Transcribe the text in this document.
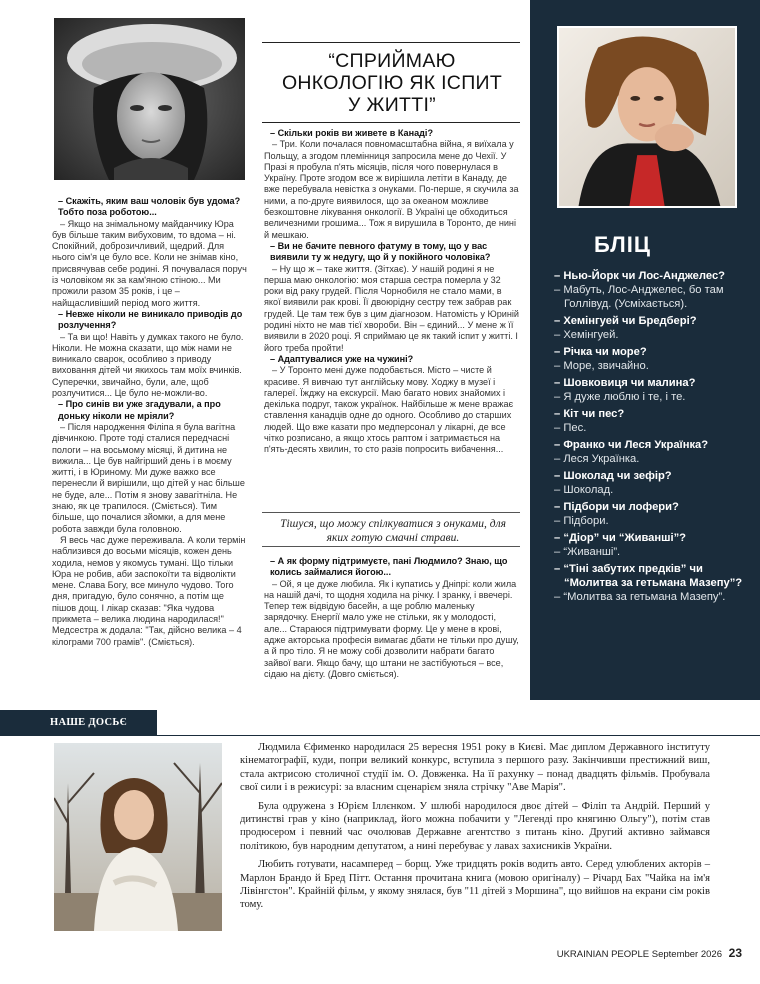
“СПРИЙМАЮ
ОНКОЛОГІЮ ЯК ІСПИТ
У ЖИТТІ”

– Скажіть, яким ваш чоловік був удома? Тобто поза роботою...

– Якщо на знімальному майданчику Юра був більше таким вибуховим, то вдома – ні. Спокійний, доброзичливий, щедрий. Для нього сім'я це було все. Коли не знімав кіно, присвячував себе родині. Я почувалася поруч із чоловіком як за кам'яною стіною... Ми прожили разом 35 років, і це – найщасливіший період мого життя.

– Невже ніколи не виникало приводів до розлучення?

– Та ви що! Навіть у думках такого не було. Ніколи. Не можна сказати, що між нами не виникало сварок, особливо з приводу виховання дітей чи якихось там моїх вчинків. Суперечки, звичайно, були, але, щоб розлучитися... Це було не-можли-во.

– Про синів ви уже згадували, а про доньку ніколи не мріяли?

– Після народження Філіпа я була вагітна дівчинкою. Проте тоді сталися передчасні пологи – на восьмому місяці, й дитина не вижила... Це був найгірший день і в моєму житті, і в Юриному. Ми дуже важко все перенесли й вирішили, що дітей у нас більше не буде, але... Потім я знову завагітніла. Не знаю, як це трапилося. (Сміється). Тим більше, що почалися зйомки, а для мене робота завжди була головною.

Я весь час дуже переживала. А коли термін наблизився до восьми місяців, кожен день ходила, немов у якомусь тумані. Що тільки Юра не робив, аби заспокоїти та відволікти мене. Слава Богу, все минуло чудово. Того дня, пригадую, було сонячно, а потім ще пішов дощ. І лікар сказав: "Яка чудова прикмета – велика людина народилася!" Медсестра ж додала: "Так, дійсно велика – 4 кілограми 700 грамів". (Сміється).

– Скільки років ви живете в Канаді?

– Три. Коли почалася повномасштабна війна, я виїхала у Польщу, а згодом племінниця запросила мене до Чехії. У Празі я пробула п'ять місяців, після чого повернулася в Україну. Проте згодом все ж вирішила летіти в Канаду, де вже перебувала невістка з онуками. По-перше, я скучила за ними, а по-друге виявилося, що за океаном можливе безкоштовне лікування онкології. В Україні це обходиться величезними грошима... Тож я вирушила в Торонто, де нині й мешкаю.

– Ви не бачите певного фатуму в тому, що у вас виявили ту ж недугу, що й у покійного чоловіка?

– Ну що ж – таке життя. (Зітхає). У нашій родині я не перша маю онкологію: моя старша сестра померла у 32 роки від раку грудей. Після Чорнобиля не стало мами, в якої виявили рак крові. Її двоюрідну сестру теж забрав рак грудей. Це там теж був з цим діагнозом. Натомість у Юриній родині ніхто не мав тієї хвороби. Він – єдиний... У мене ж її виявили в 2020 році. Я сприймаю це як такий іспит у житті. І його треба пройти!

– Адаптувалися уже на чужині?

– У Торонто мені дуже подобається. Місто – чисте й красиве. Я вивчаю тут англійську мову. Ходжу в музеї і галереї. Їжджу на екскурсії. Маю багато нових знайомих і декілька подруг, також українок. Найбільше ж мене вражає ставлення канадців одне до одного. Особливо до старших людей. Що вже казати про медперсонал у лікарні, де все чітко розписано, а якщо хтось раптом і затримається на п'ять-десять хвилин, то сто разів попросить вибачення...

Тішуся, що можу спілкуватися з онуками, для яких готую смачні страви.

– А як форму підтримуєте, пані Людмило? Знаю, що колись займалися йогою...

– Ой, я це дуже любила. Як і купатись у Дніпрі: коли жила на нашій дачі, то щодня ходила на річку. І зранку, і ввечері. Тепер теж відвідую басейн, а ще роблю маленьку зарядочку. Енергії мало уже не стільки, як у молодості, але... Стараюся підтримувати форму. Це у мене в крові, адже акторська професія вимагає дбати не тільки про душу, а й про тіло. Я не можу собі дозволити набрати багато зайвої ваги. Якщо бачу, що штани не застібуються – все, сідаю на дієту. (Довго сміється).

БЛІЦ
– Нью-Йорк чи Лос-Анджелес?
– Мабуть, Лос-Анджелес, бо там Голлівуд. (Усміхається).
– Хемінгуей чи Бредбері?
– Хемінгуей.
– Річка чи море?
– Море, звичайно.
– Шовковиця чи малина?
– Я дуже люблю і те, і те.
– Кіт чи пес?
– Пес.
– Франко чи Леся Українка?
– Леся Українка.
– Шоколад чи зефір?
– Шоколад.
– Підбори чи лофери?
– Підбори.
– “Діор” чи “Живанші”?
– “Живанші”.
– “Тіні забутих предків” чи “Молитва за гетьмана Мазепу”?
– “Молитва за гетьмана Мазепу”.
НАШЕ ДОСЬЄ

Людмила Єфименко народилася 25 вересня 1951 року в Києві. Має диплом Державного інституту кінематографії, куди, попри великий конкурс, вступила з першого разу. Закінчивши престижний виш, стала актрисою столичної студії ім. О. Довженка. На її рахунку – понад двадцять фільмів. Пробувала свої сили і в режисурі: за власним сценарієм зняла стрічку "Аве Марія".

Була одружена з Юрієм Іллєнком. У шлюбі народилося двоє дітей – Філіп та Андрій. Перший у дитинстві грав у кіно (наприклад, його можна побачити у "Легенді про княгиню Ольгу"), потім став продюсером і певний час очолював Державне агентство з питань кіно. Другий активно займався політикою, був народним депутатом, а нині перебуває у лавах захисників України.

Любить готувати, насамперед – борщ. Уже тридцять років водить авто. Серед улюблених акторів – Марлон Брандо й Бред Пітт. Остання прочитана книга (мовою оригіналу) – Річард Бах "Чайка на ім'я Лівінгстон". Крайній фільм, у якому знялася, був "11 дітей з Моршина", що вийшов на екрани сім років тому.

UKRAINIAN PEOPLE September 2026 23
